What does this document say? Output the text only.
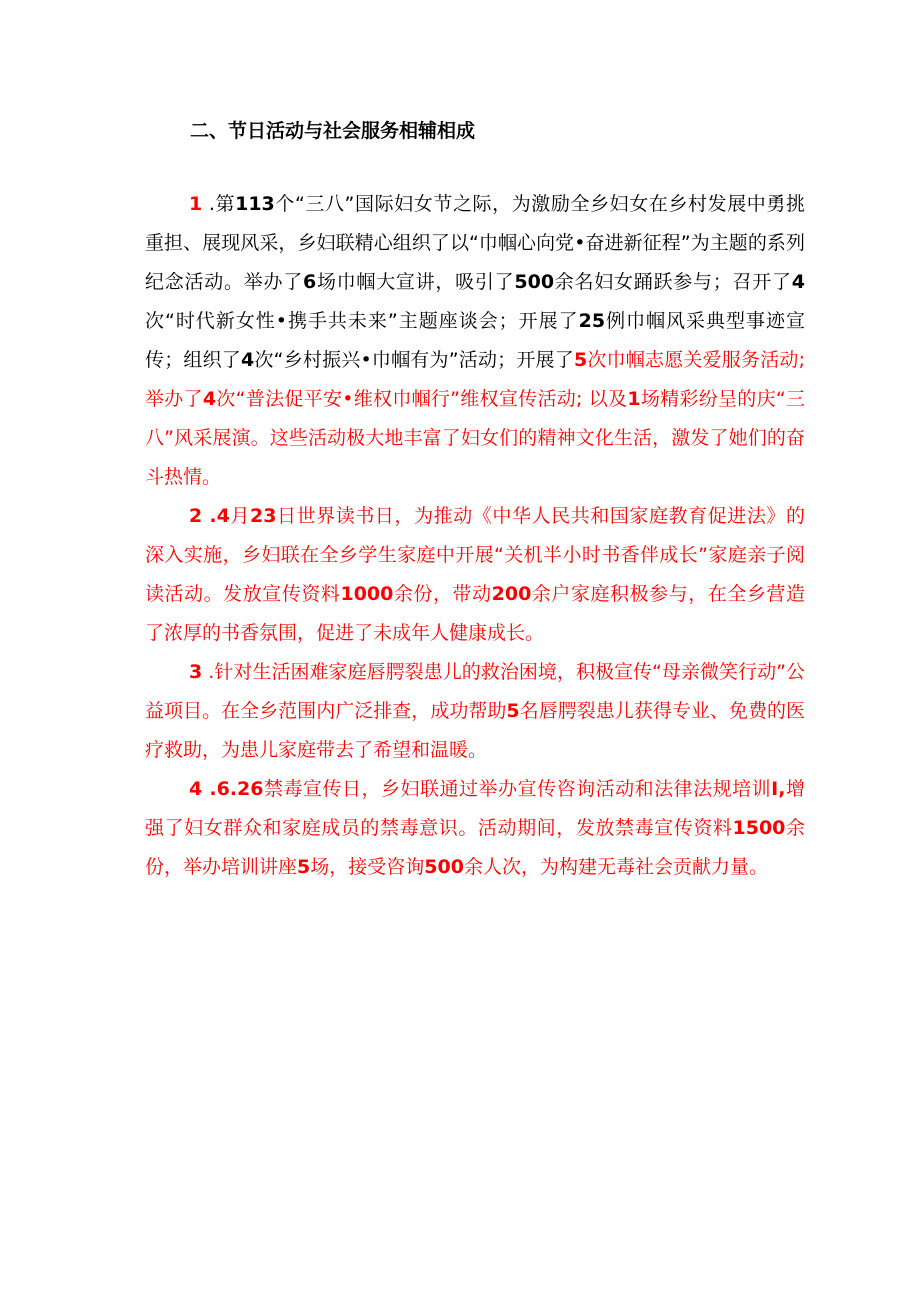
二、节日活动与社会服务相辅相成

1 .第113个“三八”国际妇女节之际，为激励全乡妇女在乡村发展中勇挑重担、展现风采，乡妇联精心组织了以“巾帼心向党•奋进新征程”为主题的系列纪念活动。举办了6场巾帼大宣讲，吸引了500余名妇女踊跃参与；召开了4次“时代新女性•携手共未来”主题座谈会；开展了25例巾帼风采典型事迹宣传；组织了4次“乡村振兴•巾帼有为”活动；开展了5次巾帼志愿关爱服务活动; 举办了4次“普法促平安•维权巾帼行”维权宣传活动; 以及1场精彩纷呈的庆“三八”风采展演。这些活动极大地丰富了妇女们的精神文化生活，激发了她们的奋斗热情。

2 .4月23日世界读书日，为推动《中华人民共和国家庭教育促进法》的深入实施，乡妇联在全乡学生家庭中开展“关机半小时书香伴成长”家庭亲子阅读活动。发放宣传资料1000余份，带动200余户家庭积极参与，在全乡营造了浓厚的书香氛围，促进了未成年人健康成长。

3 .针对生活困难家庭唇腭裂患儿的救治困境，积极宣传“母亲微笑行动”公益项目。在全乡范围内广泛排查，成功帮助5名唇腭裂患儿获得专业、免费的医疗救助，为患儿家庭带去了希望和温暖。

4 .6.26禁毒宣传日，乡妇联通过举办宣传咨询活动和法律法规培训I,增强了妇女群众和家庭成员的禁毒意识。活动期间，发放禁毒宣传资料1500余份，举办培训讲座5场，接受咨询500余人次，为构建无毒社会贡献力量。
